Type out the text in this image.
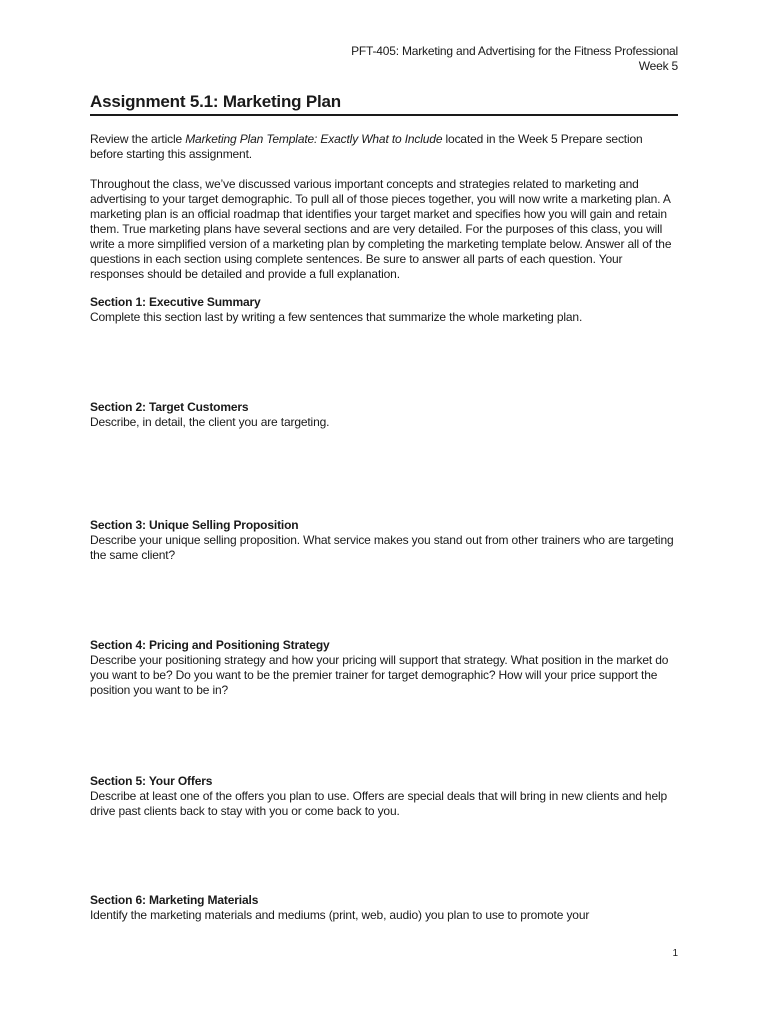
PFT-405: Marketing and Advertising for the Fitness Professional
Week 5
Assignment 5.1: Marketing Plan
Review the article Marketing Plan Template: Exactly What to Include located in the Week 5 Prepare section before starting this assignment.
Throughout the class, we’ve discussed various important concepts and strategies related to marketing and advertising to your target demographic. To pull all of those pieces together, you will now write a marketing plan. A marketing plan is an official roadmap that identifies your target market and specifies how you will gain and retain them. True marketing plans have several sections and are very detailed. For the purposes of this class, you will write a more simplified version of a marketing plan by completing the marketing template below. Answer all of the questions in each section using complete sentences. Be sure to answer all parts of each question. Your responses should be detailed and provide a full explanation.
Section 1: Executive Summary
Complete this section last by writing a few sentences that summarize the whole marketing plan.
Section 2: Target Customers
Describe, in detail, the client you are targeting.
Section 3: Unique Selling Proposition
Describe your unique selling proposition. What service makes you stand out from other trainers who are targeting the same client?
Section 4: Pricing and Positioning Strategy
Describe your positioning strategy and how your pricing will support that strategy. What position in the market do you want to be? Do you want to be the premier trainer for target demographic? How will your price support the position you want to be in?
Section 5: Your Offers
Describe at least one of the offers you plan to use. Offers are special deals that will bring in new clients and help drive past clients back to stay with you or come back to you.
Section 6: Marketing Materials
Identify the marketing materials and mediums (print, web, audio) you plan to use to promote your
1
